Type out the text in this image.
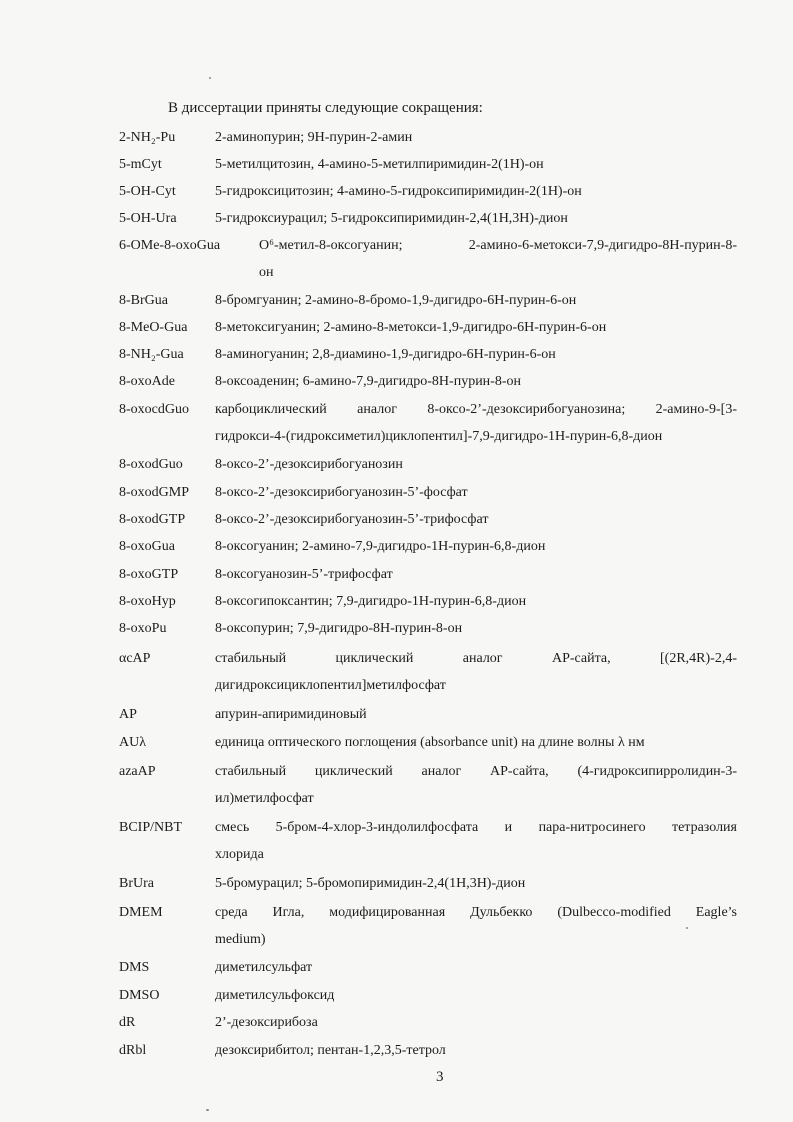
В диссертации приняты следующие сокращения:
2-NH₂-Pu	2-аминопурин; 9H-пурин-2-амин
5-mCyt	5-метилцитозин, 4-амино-5-метилпиримидин-2(1H)-он
5-OH-Cyt	5-гидроксицитозин; 4-амино-5-гидроксипиримидин-2(1H)-он
5-OH-Ura	5-гидроксиурацил; 5-гидроксипиримидин-2,4(1H,3H)-дион
6-OMe-8-oxoGua	O⁶-метил-8-оксогуанин; 2-амино-6-метокси-7,9-дигидро-8H-пурин-8-
он
8-BrGua	8-бромгуанин; 2-амино-8-бромо-1,9-дигидро-6H-пурин-6-он
8-MeO-Gua 8-метоксигуанин; 2-амино-8-метокси-1,9-дигидро-6H-пурин-6-он
8-NH₂-Gua 8-аминогуанин; 2,8-диамино-1,9-дигидро-6H-пурин-6-он
8-oxoAde	8-оксоаденин; 6-амино-7,9-дигидро-8H-пурин-8-он
8-oxocdGuo карбоциклический аналог 8-оксо-2’-дезоксирибогуанозина; 2-амино-9-[3-
гидрокси-4-(гидроксиметил)циклопентил]-7,9-дигидро-1H-пурин-6,8-дион
8-oxodGuo 8-оксо-2’-дезоксирибогуанозин
8-oxodGMP 8-оксо-2’-дезоксирибогуанозин-5’-фосфат
8-oxodGTP 8-оксо-2’-дезоксирибогуанозин-5’-трифосфат
8-oxoGua	8-оксогуанин; 2-амино-7,9-дигидро-1H-пурин-6,8-дион
8-oxoGTP	8-оксогуанозин-5’-трифосфат
8-oxoHyp	8-оксогипоксантин; 7,9-дигидро-1H-пурин-6,8-дион
8-oxoPu	8-оксопурин; 7,9-дигидро-8H-пурин-8-он
αcAP	стабильный циклический аналог AP-сайта, [(2R,4R)-2,4-
дигидроксициклопентил]метилфосфат
AP	апурин-апиримидиновый
AUλ	единица оптического поглощения (absorbance unit) на длине волны λ нм
azaAP	стабильный циклический аналог AP-сайта, (4-гидроксипирролидин-3-
ил)метилфосфат
BCIP/NBT смесь 5-бром-4-хлор-3-индолилфосфата и пара-нитросинего тетразолия
хлорида
BrUra	5-бромурацил; 5-бромопиримидин-2,4(1H,3H)-дион
DMEM	среда Игла, модифицированная Дульбекко (Dulbecco-modified Eagle’s
medium)
DMS	диметилсульфат
DMSO	диметилсульфоксид
dR	2’-дезоксирибоза
dRbl	дезоксирибитол; пентан-1,2,3,5-тетрол
3
